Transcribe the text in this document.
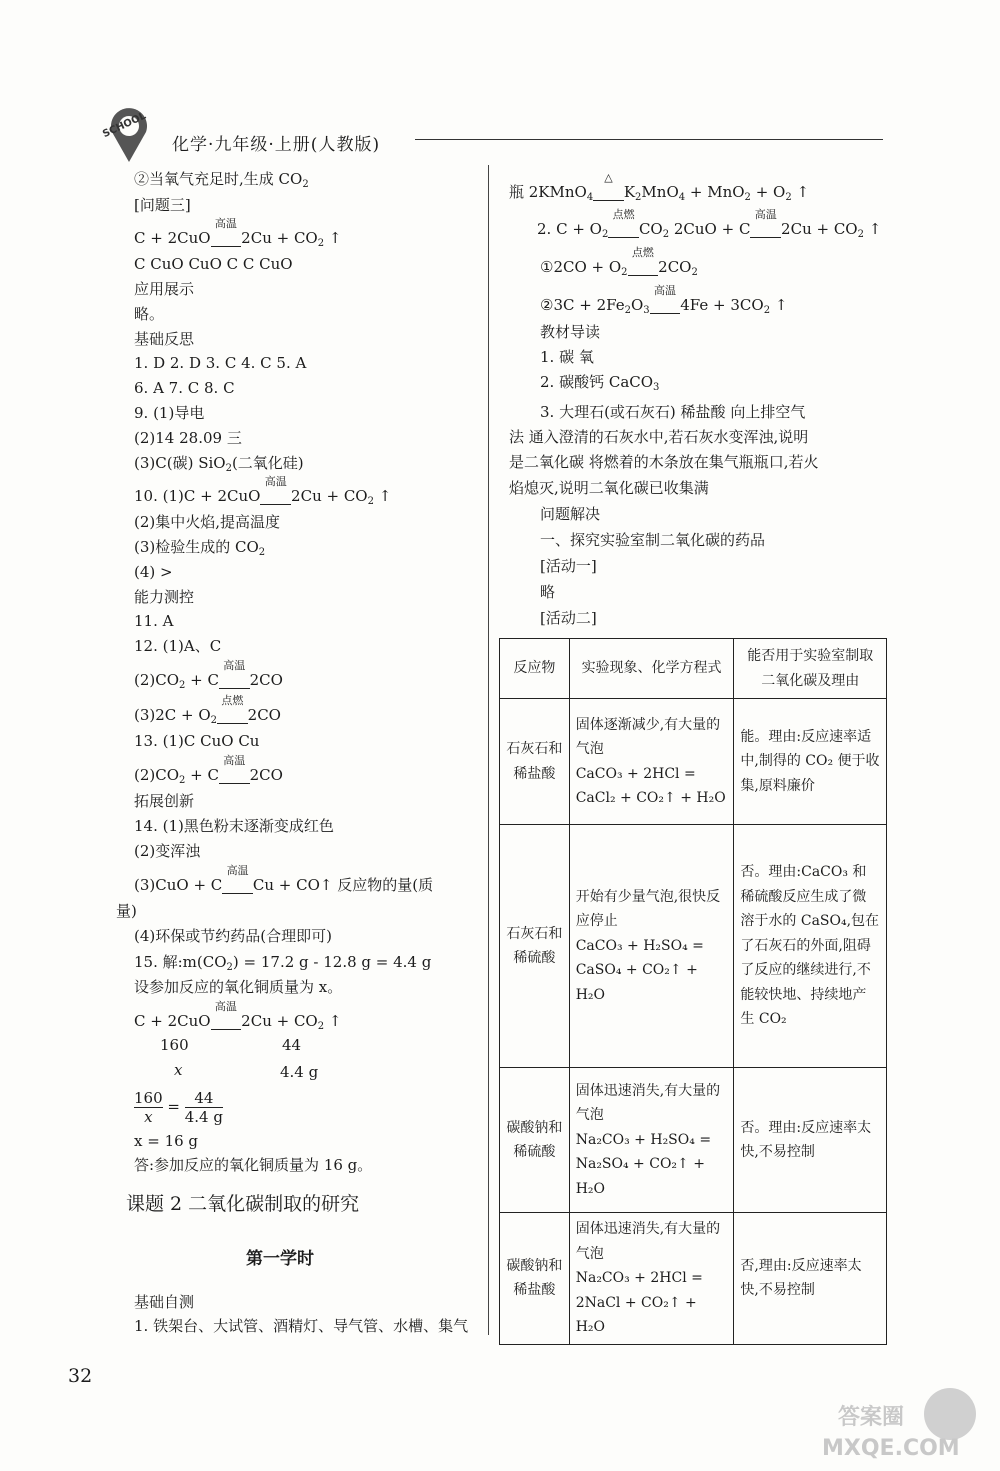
SCHOOL
化学·九年级·上册(人教版)
②当氧气充足时,生成 $CO_2$
[问题三]
C + 2CuO
高温
$2Cu + CO_2$ ↑
C CuO CuO C C CuO
应用展示
略。
基础反思
1. D 2. D 3. C 4. C 5. A
6. A 7. C 8. C
9. (1)导电
(2)14 28.09 三
(3)C(碳) SiO$_2$(二氧化硅)
10. (1)C + 2CuO
高温
$2Cu + CO_2$ ↑
(2)集中火焰,提高温度
(3)检验生成的 $CO_2$
(4) >
能力测控
11. A
12. (1)A、C
$(2)CO_2 + C$
高温
2CO
$(3)2C + O_2$
点燃
2CO
13. (1)C CuO Cu
$(2)CO_2 + C$
高温
2CO
拓展创新
14. (1)黑色粉末逐渐变成红色
(2)变浑浊
(3)CuO + C
高温
Cu + CO↑ 反应物的量(质
量)
(4)环保或节约药品(合理即可)
15. 解$:m(CO_2) = 17.2$ g - 12.8 g = 4.4 g
设参加反应的氧化铜质量为 x。
C + 2CuO
高温
$2Cu + CO_2$ ↑
160	44
x	4.4 g
$\frac{160}{x} = \frac{44}{4.4 g}$
x = 16 g
答:参加反应的氧化铜质量为 16 g。
课题 2 二氧化碳制取的研究
第一学时
基础自测
1. 铁架台、大试管、酒精灯、导气管、水槽、集气
瓶 2KMnO$_4$
△
$K_2MnO_4 + MnO_2 + O_2$ ↑
2. $C + O_2$
点燃
$CO_2$ 2CuO + C
高温
$2Cu + CO_2$ ↑
①2CO + $O_2$
点燃
$2CO_2$
②3C + $2Fe_2O_3$
高温
$4Fe + 3CO_2$ ↑
教材导读
1. 碳 氧
2. 碳酸钙 CaCO$_3$
3. 大理石(或石灰石) 稀盐酸 向上排空气
法 通入澄清的石灰水中,若石灰水变浑浊,说明
是二氧化碳 将燃着的木条放在集气瓶瓶口,若火
焰熄灭,说明二氧化碳已收集满
问题解决
一、探究实验室制二氧化碳的药品
[活动一]
略
[活动二]
反应物	实验现象、化学方程式	能否用于实验室制取二氧化碳及理由
石灰石和稀盐酸	固体逐渐减少,有大量的气泡
CaCO₃ + 2HCl =
CaCl₂ + CO₂↑ + H₂O	能。理由:反应速率适中,制得的 CO₂ 便于收集,原料廉价
石灰石和稀硫酸	开始有少量气泡,很快反应停止
CaCO₃ + H₂SO₄ =
CaSO₄ + CO₂↑ + H₂O	否。理由:CaCO₃ 和稀硫酸反应生成了微溶于水的 CaSO₄,包在了石灰石的外面,阻碍了反应的继续进行,不能较快地、持续地产生 CO₂
碳酸钠和稀硫酸	固体迅速消失,有大量的气泡
Na₂CO₃ + H₂SO₄ =
Na₂SO₄ + CO₂↑ + H₂O	否。理由:反应速率太快,不易控制
碳酸钠和稀盐酸	固体迅速消失,有大量的气泡
Na₂CO₃ + 2HCl =
2NaCl + CO₂↑ + H₂O	否,理由:反应速率太快,不易控制
32
答案圈
MXQE.COM
